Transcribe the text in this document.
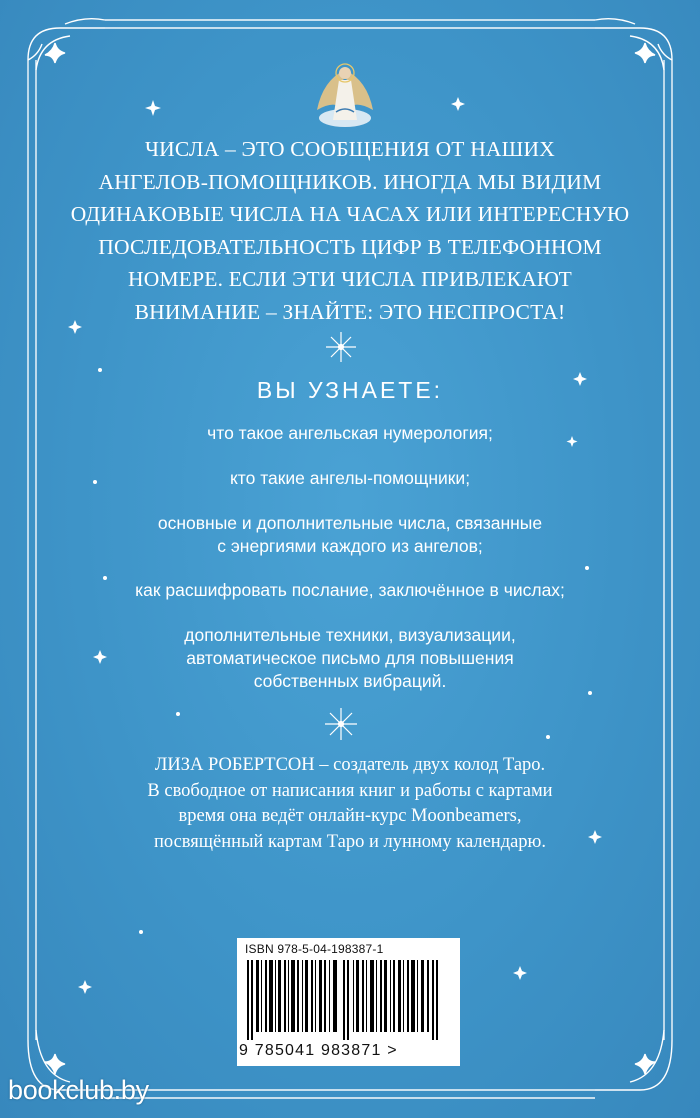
ЧИСЛА – ЭТО СООБЩЕНИЯ ОТ НАШИХ
АНГЕЛОВ-ПОМОЩНИКОВ. ИНОГДА МЫ ВИДИМ
ОДИНАКОВЫЕ ЧИСЛА НА ЧАСАХ ИЛИ ИНТЕРЕСНУЮ
ПОСЛЕДОВАТЕЛЬНОСТЬ ЦИФР В ТЕЛЕФОННОМ
НОМЕРЕ. ЕСЛИ ЭТИ ЧИСЛА ПРИВЛЕКАЮТ
ВНИМАНИЕ – ЗНАЙТЕ: ЭТО НЕСПРОСТА!
ВЫ УЗНАЕТЕ:
что такое ангельская нумерология;
кто такие ангелы-помощники;
основные и дополнительные числа, связанные
с энергиями каждого из ангелов;
как расшифровать послание, заключённое в числах;
дополнительные техники, визуализации,
автоматическое письмо для повышения
собственных вибраций.
ЛИЗА РОБЕРТСОН – создатель двух колод Таро.
В свободное от написания книг и работы с картами
время она ведёт онлайн-курс Moonbeamers,
посвящённый картам Таро и лунному календарю.
ISBN 978-5-04-198387-1
9 785041 983871 >
bookclub.by
